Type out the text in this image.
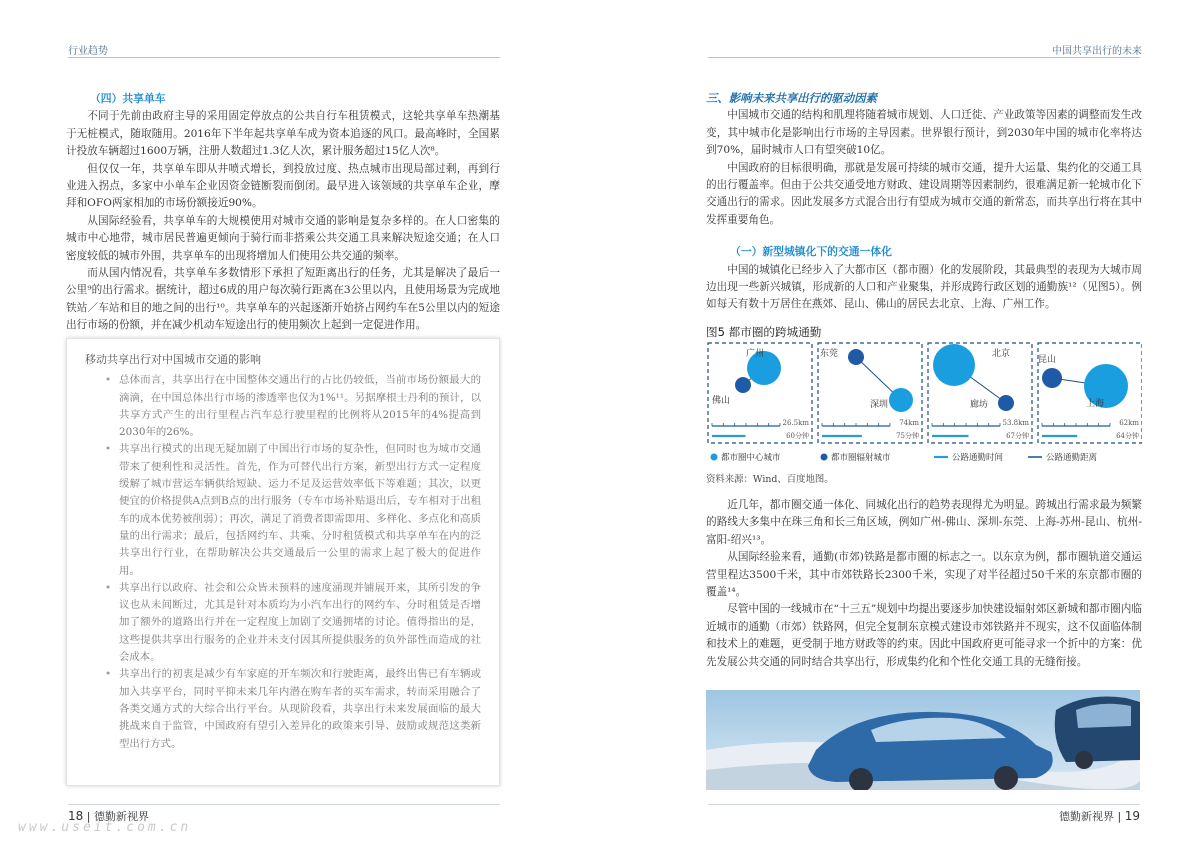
行业趋势	中国共享出行的未来
（四）共享单车

不同于先前由政府主导的采用固定停放点的公共自行车租赁模式，这轮共享单车热潮基于无桩模式，随取随用。2016年下半年起共享单车成为资本追逐的风口。最高峰时，全国累计投放车辆超过1600万辆，注册人数超过1.3亿人次，累计服务超过15亿人次⁸。

但仅仅一年，共享单车即从井喷式增长，到投放过度、热点城市出现局部过剩，再到行业进入拐点，多家中小单车企业因资金链断裂而倒闭。最早进入该领域的共享单车企业，摩拜和OFO两家相加的市场份额接近90%。

从国际经验看，共享单车的大规模使用对城市交通的影响是复杂多样的。在人口密集的城市中心地带，城市居民普遍更倾向于骑行而非搭乘公共交通工具来解决短途交通；在人口密度较低的城市外围，共享单车的出现将增加人们使用公共交通的频率。

而从国内情况看，共享单车多数情形下承担了短距离出行的任务，尤其是解决了最后一公里⁹的出行需求。据统计，超过6成的用户每次骑行距离在3公里以内，且使用场景为完成地铁站／车站和目的地之间的出行¹⁰。共享单车的兴起逐渐开始挤占网约车在5公里以内的短途出行市场的份额，并在减少机动车短途出行的使用频次上起到一定促进作用。

移动共享出行对中国城市交通的影响
• 总体而言，共享出行在中国整体交通出行的占比仍较低，当前市场份额最大的滴滴，在中国总体出行市场的渗透率也仅为1%¹¹。另据摩根士丹利的预计，以共享方式产生的出行里程占汽车总行驶里程的比例将从2015年的4%提高到2030年的26%。
• 共享出行模式的出现无疑加剧了中国出行市场的复杂性，但同时也为城市交通带来了便利性和灵活性。首先，作为可替代出行方案，新型出行方式一定程度缓解了城市营运车辆供给短缺、运力不足及运营效率低下等难题；其次，以更便宜的价格提供A点到B点的出行服务（专车市场补贴退出后，专车相对于出租车的成本优势被削弱）；再次，满足了消费者即需即用、多样化、多点化和高质量的出行需求；最后，包括网约车、共乘、分时租赁模式和共享单车在内的泛共享出行行业，在帮助解决公共交通最后一公里的需求上起了极大的促进作用。
• 共享出行以政府、社会和公众皆未预料的速度涌现并铺展开来，其所引发的争议也从未间断过，尤其是针对本质均为小汽车出行的网约车、分时租赁是否增加了额外的道路出行并在一定程度上加剧了交通拥堵的讨论。值得指出的是，这些提供共享出行服务的企业并未支付因其所提供服务的负外部性而造成的社会成本。
• 共享出行的初衷是减少有车家庭的开车频次和行驶距离，最终出售已有车辆或加入共享平台，同时平抑未来几年内潜在购车者的买车需求，转而采用融合了各类交通方式的大综合出行平台。从现阶段看，共享出行未来发展面临的最大挑战来自于监管，中国政府有望引入差异化的政策来引导、鼓励或规范这类新型出行方式。
三、影响未来共享出行的驱动因素

中国城市交通的结构和肌理将随着城市规划、人口迁徙、产业政策等因素的调整而发生改变，其中城市化是影响出行市场的主导因素。世界银行预计，到2030年中国的城市化率将达到70%，届时城市人口有望突破10亿。

中国政府的目标很明确，那就是发展可持续的城市交通，提升大运量、集约化的交通工具的出行覆盖率。但由于公共交通受地方财政、建设周期等因素制约，很难满足新一轮城市化下交通出行的需求。因此发展多方式混合出行有望成为城市交通的新常态，而共享出行将在其中发挥重要角色。

（一）新型城镇化下的交通一体化

中国的城镇化已经步入了大都市区（都市圈）化的发展阶段，其最典型的表现为大城市周边出现一些新兴城镇，形成新的人口和产业聚集，并形成跨行政区划的通勤族¹²（见图5）。例如每天有数十万居住在燕郊、昆山、佛山的居民去北京、上海、广州工作。

图5 都市圈的跨城通勤
广州
佛山
26.5km
60分钟
深圳
东莞
74km
75分钟
北京
廊坊
53.8km
67分钟
上海
昆山
62km
64分钟
都市圈中心城市	都市圈辐射城市	公路通勤时间	公路通勤距离
资料来源：Wind、百度地图。

近几年，都市圈交通一体化、同城化出行的趋势表现得尤为明显。跨城出行需求最为频繁的路线大多集中在珠三角和长三角区域，例如广州-佛山、深圳-东莞、上海-苏州-昆山、杭州-富阳-绍兴¹³。

从国际经验来看，通勤(市郊)铁路是都市圈的标志之一。以东京为例，都市圈轨道交通运营里程达3500千米，其中市郊铁路长2300千米，实现了对半径超过50千米的东京都市圈的覆盖¹⁴。

尽管中国的一线城市在“十三五”规划中均提出要逐步加快建设辐射郊区新城和都市圈内临近城市的通勤（市郊）铁路网，但完全复制东京模式建设市郊铁路并不现实，这不仅面临体制和技术上的难题，更受制于地方财政等的约束。因此中国政府更可能寻求一个折中的方案：优先发展公共交通的同时结合共享出行，形成集约化和个性化交通工具的无缝衔接。

18 | 德勤新视界	德勤新视界 | 19
www.useit.com.cn
